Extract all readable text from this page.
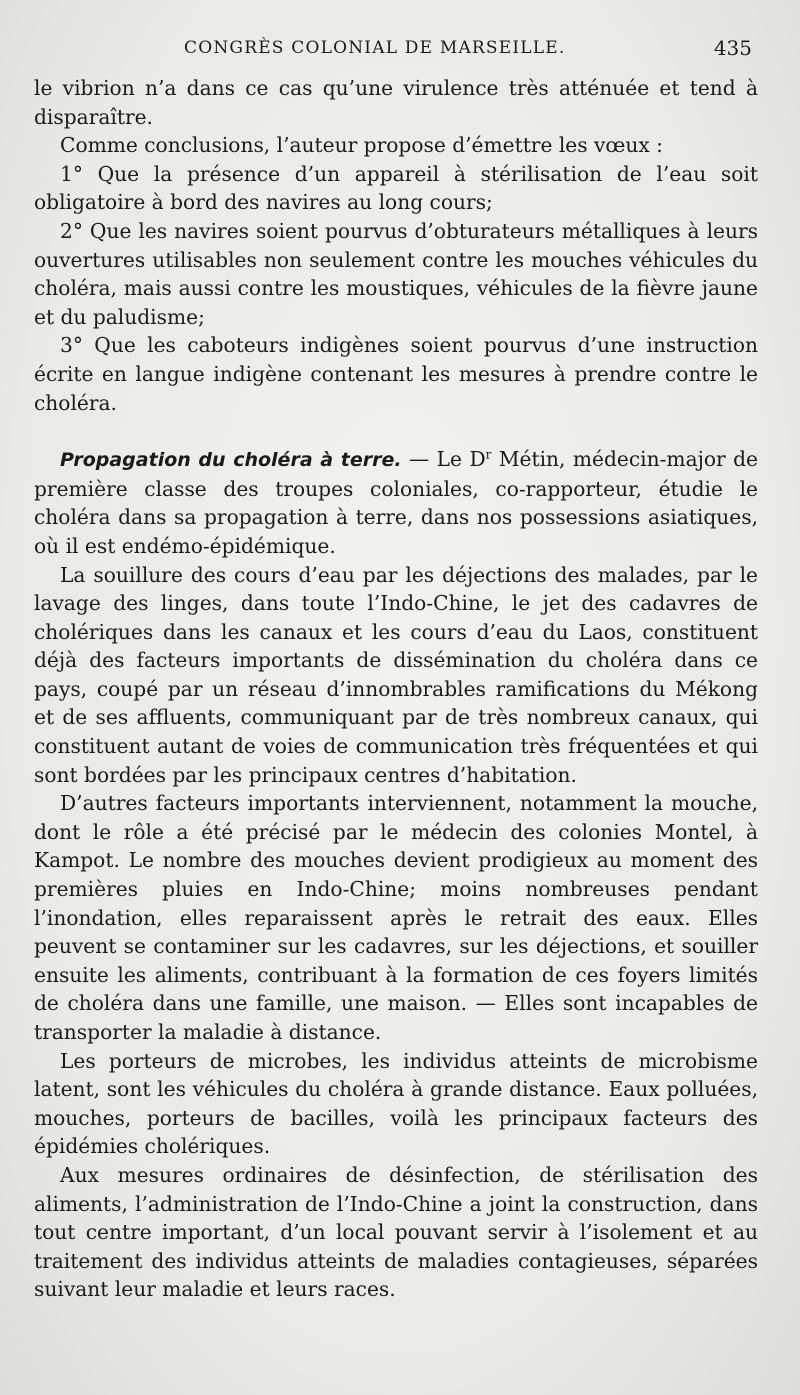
CONGRÈS COLONIAL DE MARSEILLE.	435

le vibrion n’a dans ce cas qu’une virulence très atténuée et tend à disparaître.

Comme conclusions, l’auteur propose d’émettre les vœux :

1° Que la présence d’un appareil à stérilisation de l’eau soit obligatoire à bord des navires au long cours;

2° Que les navires soient pourvus d’obturateurs métalliques à leurs ouvertures utilisables non seulement contre les mouches véhicules du choléra, mais aussi contre les moustiques, véhicules de la fièvre jaune et du paludisme;

3° Que les caboteurs indigènes soient pourvus d’une instruction écrite en langue indigène contenant les mesures à prendre contre le choléra.

Propagation du choléra à terre. — Le $D^r$ Métin, médecin-major de première classe des troupes coloniales, co-rapporteur, étudie le choléra dans sa propagation à terre, dans nos possessions asiatiques, où il est endémo-épidémique.

La souillure des cours d’eau par les déjections des malades, par le lavage des linges, dans toute l’Indo-Chine, le jet des cadavres de cholériques dans les canaux et les cours d’eau du Laos, constituent déjà des facteurs importants de dissémination du choléra dans ce pays, coupé par un réseau d’innombrables ramifications du Mékong et de ses affluents, communiquant par de très nombreux canaux, qui constituent autant de voies de communication très fréquentées et qui sont bordées par les principaux centres d’habitation.

D’autres facteurs importants interviennent, notamment la mouche, dont le rôle a été précisé par le médecin des colonies Montel, à Kampot. Le nombre des mouches devient prodigieux au moment des premières pluies en Indo-Chine; moins nombreuses pendant l’inondation, elles reparaissent après le retrait des eaux. Elles peuvent se contaminer sur les cadavres, sur les déjections, et souiller ensuite les aliments, contribuant à la formation de ces foyers limités de choléra dans une famille, une maison. — Elles sont incapables de transporter la maladie à distance.

Les porteurs de microbes, les individus atteints de microbisme latent, sont les véhicules du choléra à grande distance. Eaux polluées, mouches, porteurs de bacilles, voilà les principaux facteurs des épidémies cholériques.

Aux mesures ordinaires de désinfection, de stérilisation des aliments, l’administration de l’Indo-Chine a joint la construction, dans tout centre important, d’un local pouvant servir à l’isolement et au traitement des individus atteints de maladies contagieuses, séparées suivant leur maladie et leurs races.
